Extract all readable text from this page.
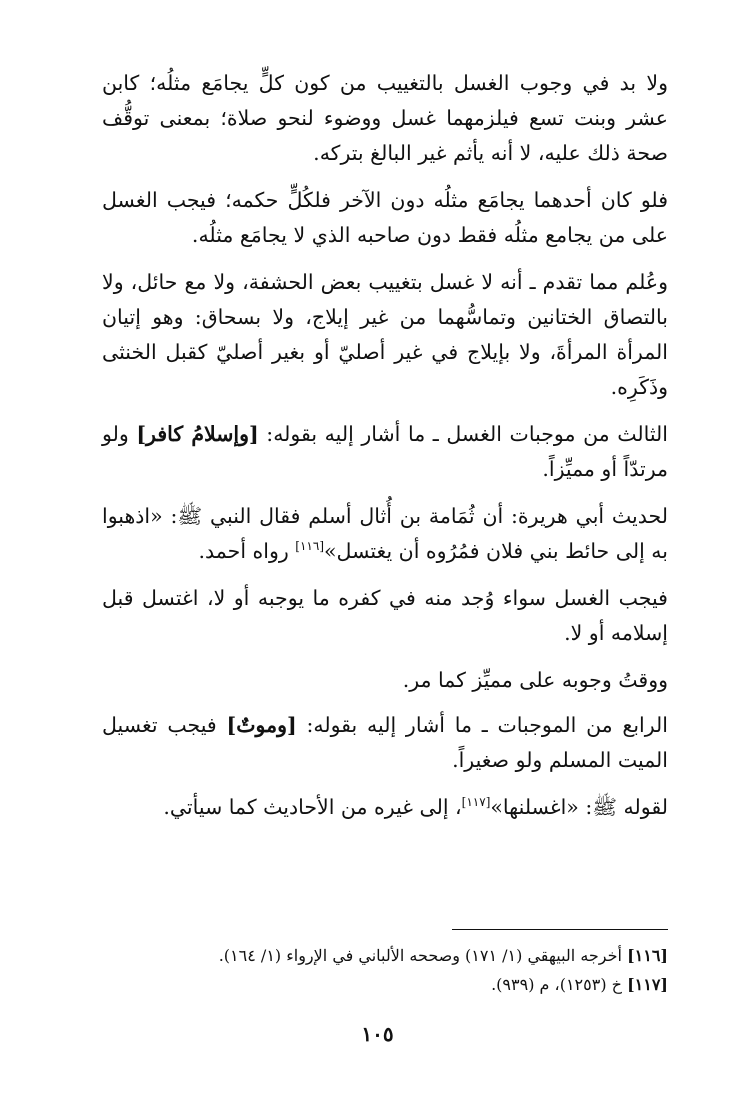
ولا بد في وجوب الغسل بالتغييب من كون كلٍّ يجامَع مثلُه؛ كابن عشر وبنت تسع فيلزمهما غسل ووضوء لنحو صلاة؛ بمعنى توقُّف صحة ذلك عليه، لا أنه يأثم غير البالغ بتركه.

فلو كان أحدهما يجامَع مثلُه دون الآخر فلكُلٍّ حكمه؛ فيجب الغسل على من يجامع مثلُه فقط دون صاحبه الذي لا يجامَع مثلُه.

وعُلم مما تقدم ـ أنه لا غسل بتغييب بعض الحشفة، ولا مع حائل، ولا بالتصاق الختانين وتماسُّهما من غير إيلاج، ولا بسحاق: وهو إتيان المرأة المرأةَ، ولا بإيلاج في غير أصليّ أو بغير أصليّ كقبل الخنثى وذَكَرِه.

الثالث من موجبات الغسل ـ ما أشار إليه بقوله: [وإسلامُ كافر] ولو مرتدّاً أو مميِّزاً.

لحديث أبي هريرة: أن ثُمَامة بن أُثال أسلم فقال النبي ﷺ: «اذهبوا به إلى حائط بني فلان فمُرُوه أن يغتسل»[١١٦] رواه أحمد.

فيجب الغسل سواء وُجد منه في كفره ما يوجبه أو لا، اغتسل قبل إسلامه أو لا.

ووقتُ وجوبه على مميِّز كما مر.

الرابع من الموجبات ـ ما أشار إليه بقوله: [وموتٌ] فيجب تغسيل الميت المسلم ولو صغيراً.

لقوله ﷺ: «اغسلنها»[١١٧]، إلى غيره من الأحاديث كما سيأتي.

[١١٦] أخرجه البيهقي (١/ ١٧١) وصححه الألباني في الإرواء (١/ ١٦٤).
[١١٧] خ (١٢٥٣)، م (٩٣٩).
١٠٥
